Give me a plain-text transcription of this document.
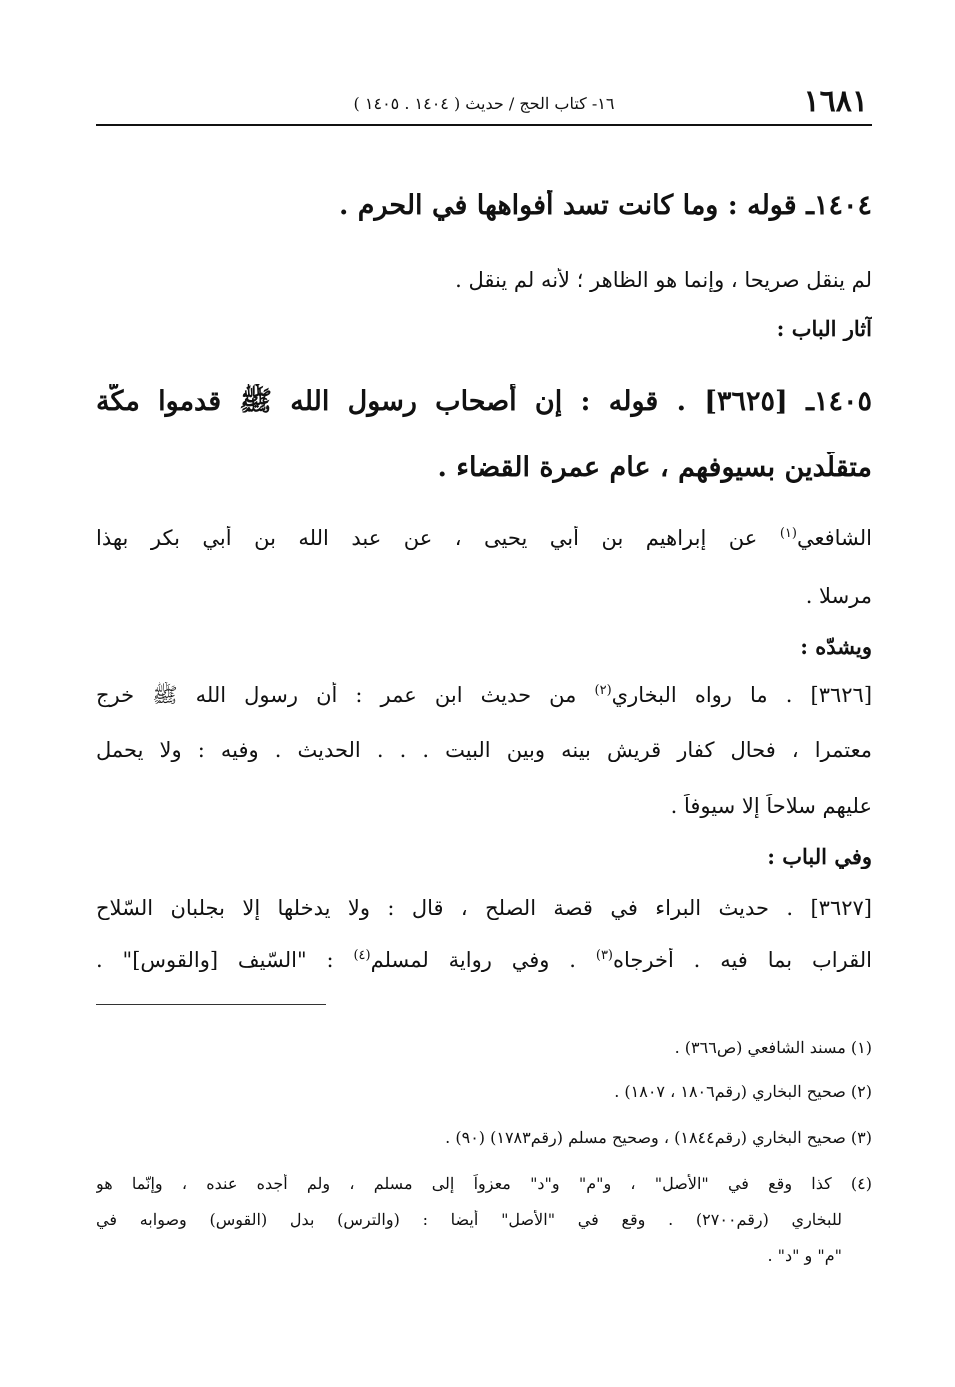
١٦٨١
١٦- كتاب الحج / حديث ( ١٤٠٤ . ١٤٠٥ )
١٤٠٤ـ قوله : وما كانت تسد أفواهها في الحرم .
لم ينقل صريحا ، وإنما هو الظاهر ؛ لأنه لم ينقل .
آثار الباب :
١٤٠٥ـ [٣٦٢٥] . قوله : إن أصحاب رسول الله ﷺ قدموا مكّة
متقلّدين بسيوفهم ، عام عمرة القضاء .
الشافعي$^{(١)}$ عن إبراهيم بن أبي يحيى ، عن عبد الله بن أبي بكر بهذا
مرسلا .
ويشدّه :
[٣٦٢٦] . ما رواه البخاري$^{(٢)}$ من حديث ابن عمر : أن رسول الله ﷺ خرج
معتمرا ، فحال كفار قريش بينه وبين البيت . . . الحديث . وفيه : ولا يحمل
عليهم سلاحاً إلا سيوفاً .
وفي الباب :
[٣٦٢٧] . حديث البراء في قصة الصلح ، قال : ولا يدخلها إلا بجلبان السّلاح
القراب بما فيه . أخرجاه$^{(٣)}$ . وفي رواية لمسلم$^{(٤)}$ : "السّيف [والقوس]" .
(١) مسند الشافعي (ص٣٦٦) .
(٢) صحيح البخاري (رقم١٨٠٦ ، ١٨٠٧) .
(٣) صحيح البخاري (رقم١٨٤٤) ، وصحيح مسلم (رقم١٧٨٣) (٩٠) .
(٤) كذا وقع في "الأصل" ، و"م" و"د" معزواً إلى مسلم ، ولم أجده عنده ، وإنّما هو
للبخاري (رقم٢٧٠٠) . وقع في "الأصل" أيضا : (والترس) بدل (القوس) وصوابه في
"م" و "د" .
